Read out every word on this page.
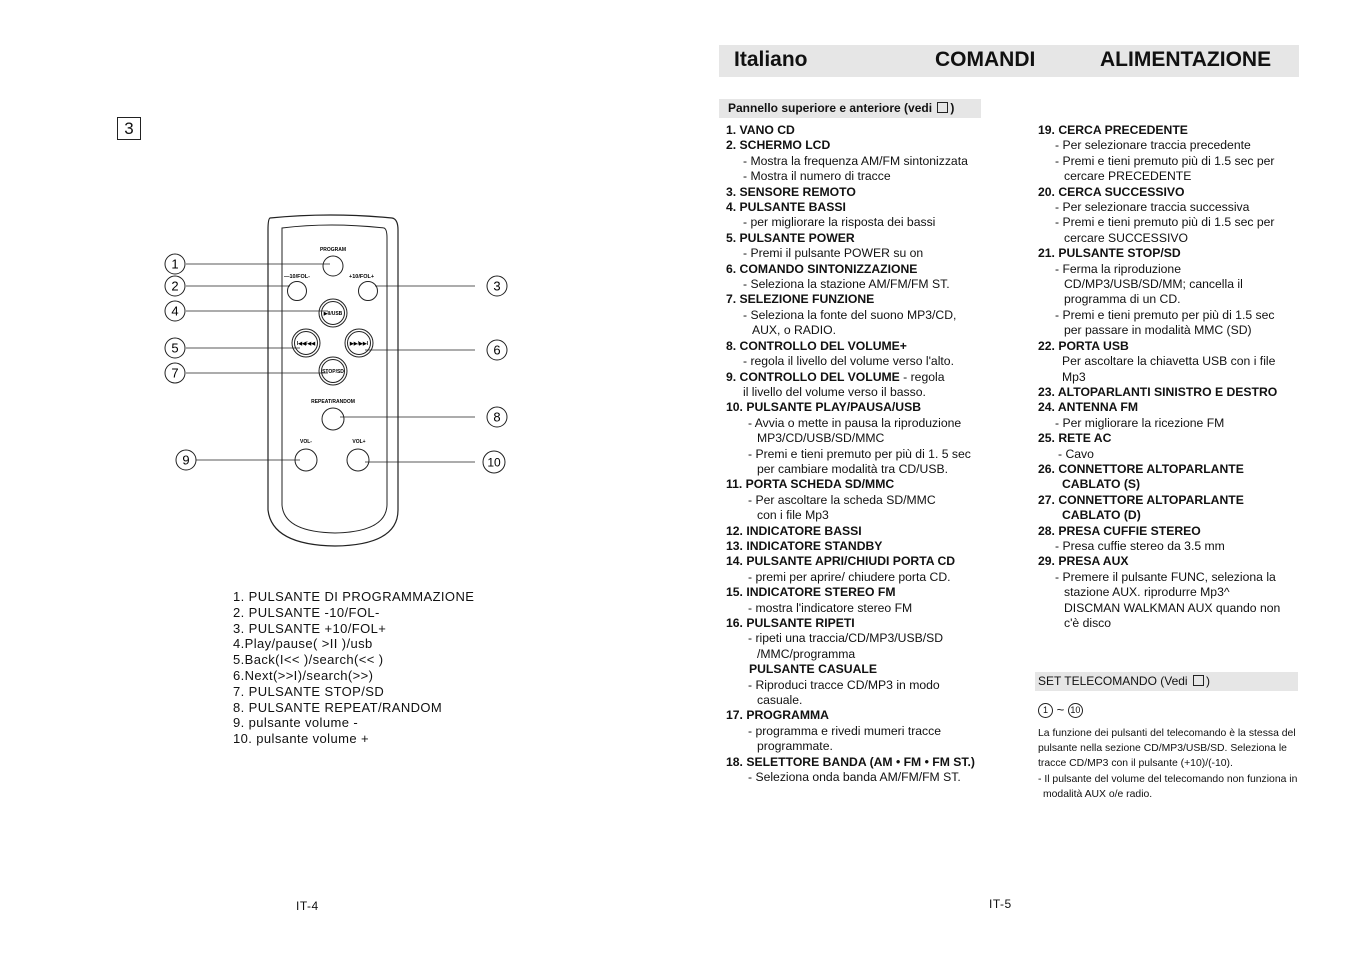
3
PROGRAM
—10/FOL-	+10/FOL+
▶II/USB
I◀◀/◀◀	▶▶/▶▶I
STOP/SD
REPEAT/RANDOM
VOL-	VOL+
1
2	3
4
5	6
7
8
9	10
1. PULSANTE DI PROGRAMMAZIONE
2. PULSANTE -10/FOL-
3. PULSANTE +10/FOL+
4.Play/pause( >II )/usb
5.Back(I<< )/search(<< )
6.Next(>>I)/search(>>)
7. PULSANTE STOP/SD
8. PULSANTE REPEAT/RANDOM
9. pulsante volume -
10. pulsante volume +
IT-4
Italiano	COMANDI	ALIMENTAZIONE
Pannello superiore e anteriore (vedi )
1. VANO CD
2. SCHERMO LCD
- Mostra la frequenza AM/FM sintonizzata
- Mostra il numero di tracce
3. SENSORE REMOTO
4. PULSANTE BASSI
- per migliorare la risposta dei bassi
5. PULSANTE POWER
- Premi il pulsante POWER su on
6. COMANDO SINTONIZZAZIONE
- Seleziona la stazione AM/FM/FM ST.
7. SELEZIONE FUNZIONE
- Seleziona la fonte del suono MP3/CD,
AUX, o RADIO.
8. CONTROLLO DEL VOLUME+
- regola il livello del volume verso l'alto.
9. CONTROLLO DEL VOLUME - regola
il livello del volume verso il basso.
10. PULSANTE PLAY/PAUSA/USB
- Avvia o mette in pausa la riproduzione
MP3/CD/USB/SD/MMC
- Premi e tieni premuto per più di 1. 5 sec
per cambiare modalità tra CD/USB.
11. PORTA SCHEDA SD/MMC
- Per ascoltare la scheda SD/MMC
con i file Mp3
12. INDICATORE BASSI
13. INDICATORE STANDBY
14. PULSANTE APRI/CHIUDI PORTA CD
- premi per aprire/ chiudere porta CD.
15. INDICATORE STEREO FM
- mostra l'indicatore stereo FM
16. PULSANTE RIPETI
- ripeti una traccia/CD/MP3/USB/SD
/MMC/programma
PULSANTE CASUALE
- Riproduci tracce CD/MP3 in modo
casuale.
17. PROGRAMMA
- programma e rivedi mumeri tracce
programmate.
18. SELETTORE BANDA (AM • FM • FM ST.)
- Seleziona onda banda AM/FM/FM ST.
19. CERCA PRECEDENTE
- Per selezionare traccia precedente
- Premi e tieni premuto più di 1.5 sec per
cercare PRECEDENTE
20. CERCA SUCCESSIVO
- Per selezionare traccia successiva
- Premi e tieni premuto più di 1.5 sec per
cercare SUCCESSIVO
21. PULSANTE STOP/SD
- Ferma la riproduzione
CD/MP3/USB/SD/MM; cancella il
programma di un CD.
- Premi e tieni premuto per più di 1.5 sec
per passare in modalità MMC (SD)
22. PORTA USB
Per ascoltare la chiavetta USB con i file
Mp3
23. ALTOPARLANTI SINISTRO E DESTRO
24. ANTENNA FM
- Per migliorare la ricezione FM
25. RETE AC
- Cavo
26. CONNETTORE ALTOPARLANTE
CABLATO (S)
27. CONNETTORE ALTOPARLANTE
CABLATO (D)
28. PRESA CUFFIE STEREO
- Presa cuffie stereo da 3.5 mm
29. PRESA AUX
- Premere il pulsante FUNC, seleziona la
stazione AUX. riprodurre Mp3^
DISCMAN WALKMAN AUX quando non
c'è disco
SET TELECOMANDO (Vedi )
1 ~ 10
La funzione dei pulsanti del telecomando è la stessa del
pulsante nella sezione CD/MP3/USB/SD. Seleziona le
tracce CD/MP3 con il pulsante (+10)/(-10).
- Il pulsante del volume del telecomando non funziona in
modalità AUX o/e radio.
IT-5
